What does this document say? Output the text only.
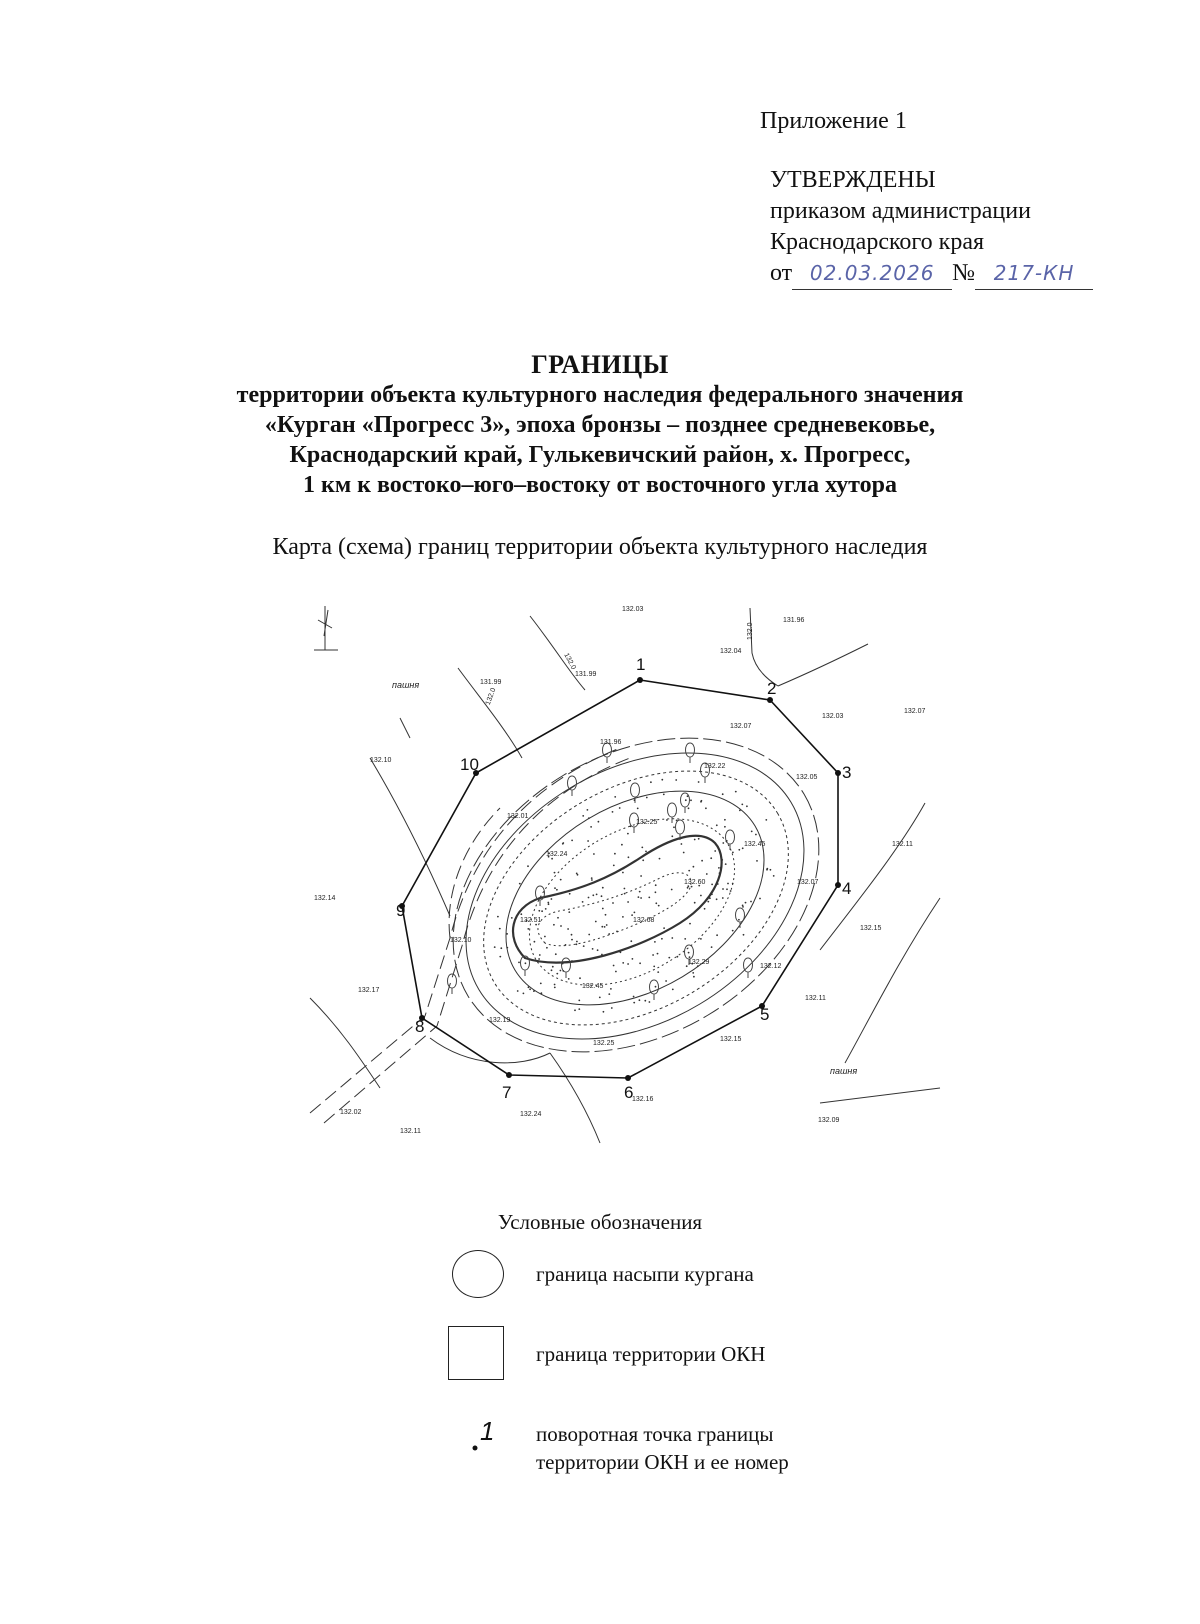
Приложение 1
УТВЕРЖДЕНЫ
приказом администрации
Краснодарского края
от 02.03.2026 № 217-КН
ГРАНИЦЫ
территории объекта культурного наследия федерального значения
«Курган «Прогресс 3», эпоха бронзы – позднее средневековье,
Краснодарский край, Гулькевичский район, х. Прогресс,
1 км к востоко–юго–востоку от восточного угла хутора
Карта (схема) границ территории объекта культурного наследия
1
2
3
4
5
6
7
8
9
10
пашня
пашня
132.0
132.0
132.0
132.03
131.96
132.04
131.99
131.99
132.03
132.07
132.07
131.96
132.22
132.05
132.10
132.01
132.25
132.24
132.45	132.11
132.60	132.07
132.14
132.51	132.68
132.15
132.10
132.29
132.12
132.17
132.45
132.11
132.19
132.25
132.15
132.16
132.02	132.24
132.09
132.11
Условные обозначения
граница насыпи кургана
граница территории ОКН
1 поворотная точка границы
территории ОКН и ее номер
